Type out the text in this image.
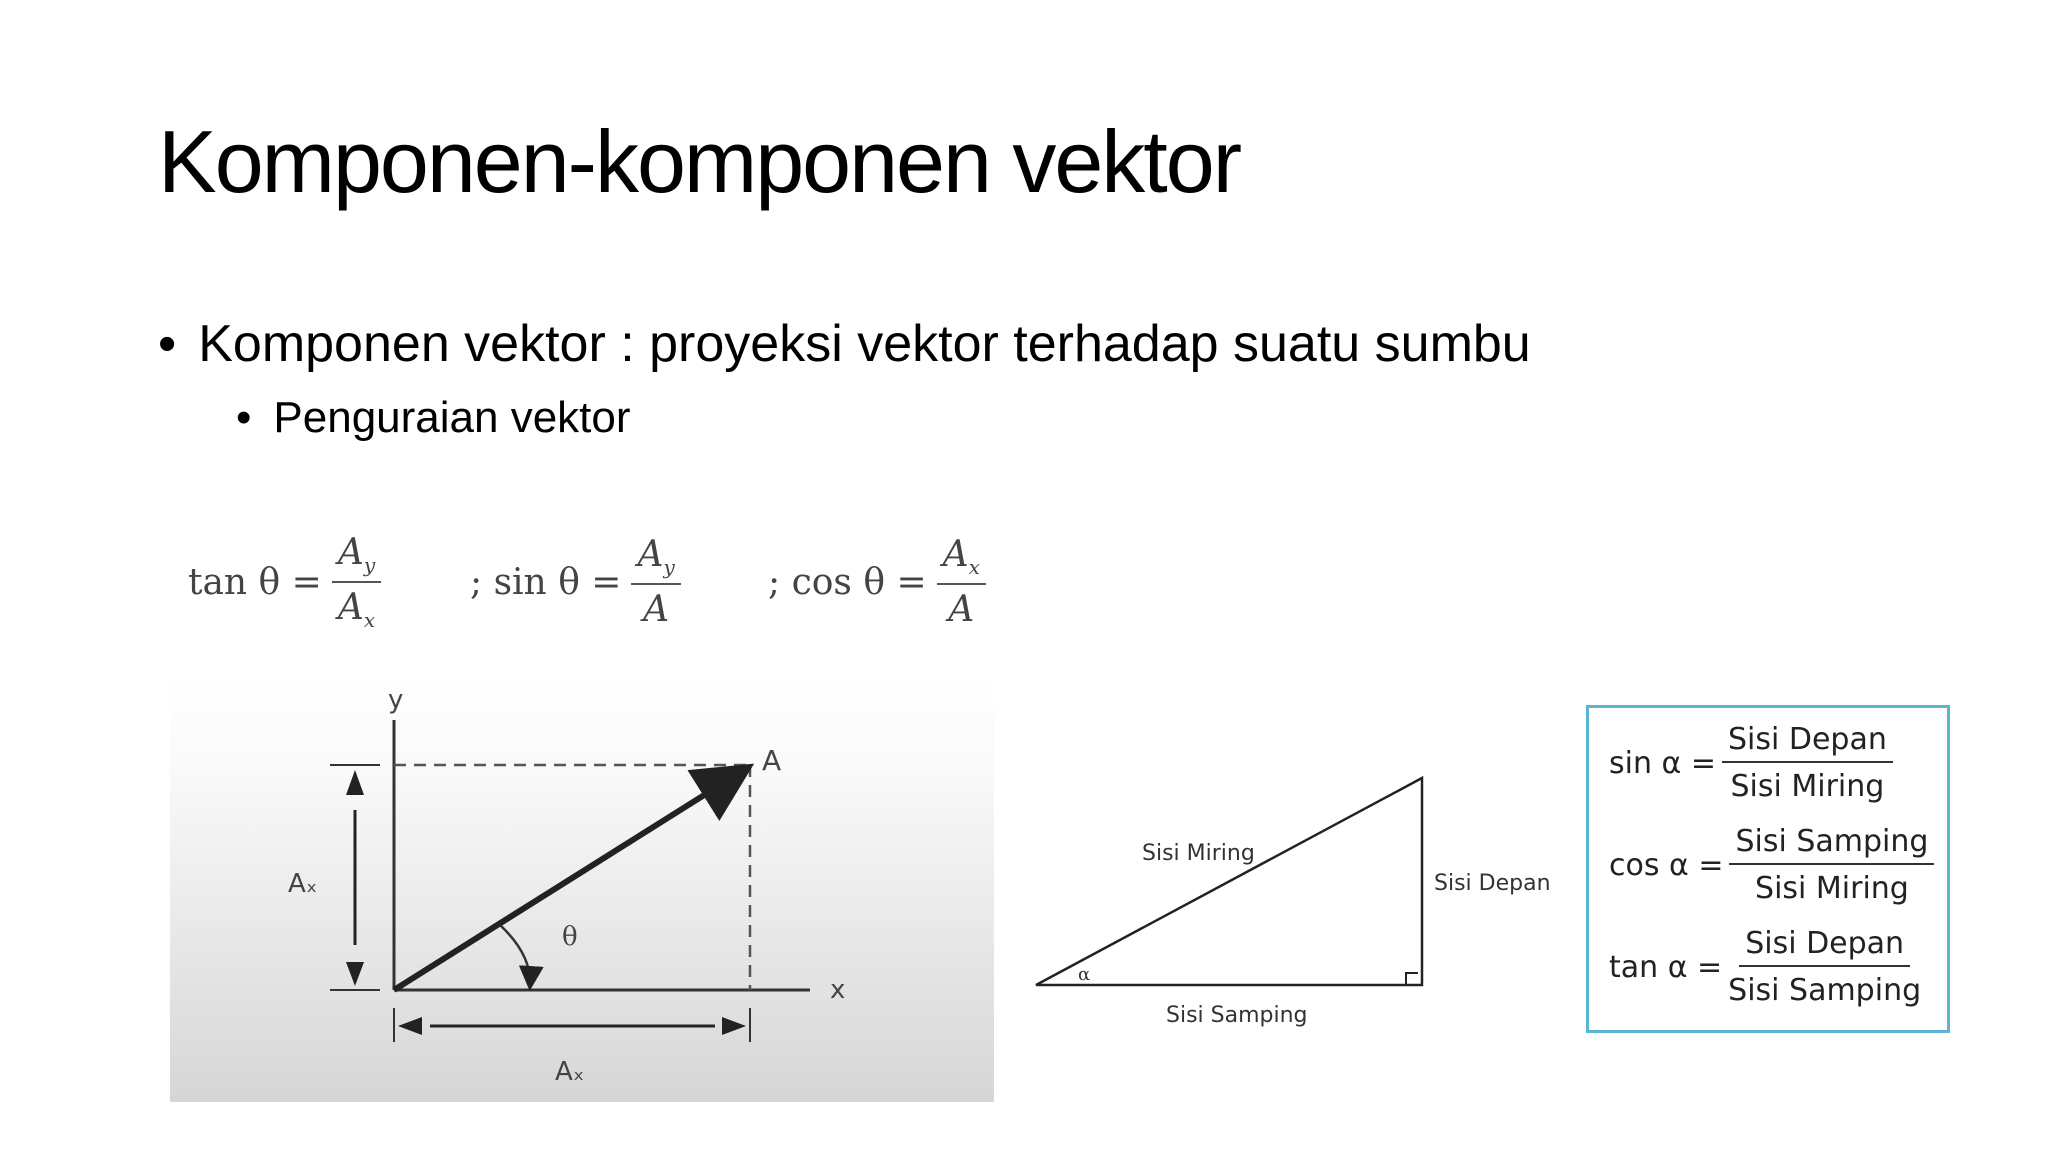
Komponen-komponen vektor
• Komponen vektor : proyeksi vektor terhadap suatu sumbu
• Penguraian vektor
$\tan \theta = \frac{A_y}{A_x}$ ; $\sin \theta = \frac{A_y}{A}$ ; $\cos \theta = \frac{A_x}{A}$
y
x
A
θ
Aₓ
Aₓ
α
Sisi Miring
Sisi Depan
Sisi Samping
sin α =
Sisi Depan
Sisi Miring
cos α =
Sisi Samping
Sisi Miring
tan α =
Sisi Depan
Sisi Samping
